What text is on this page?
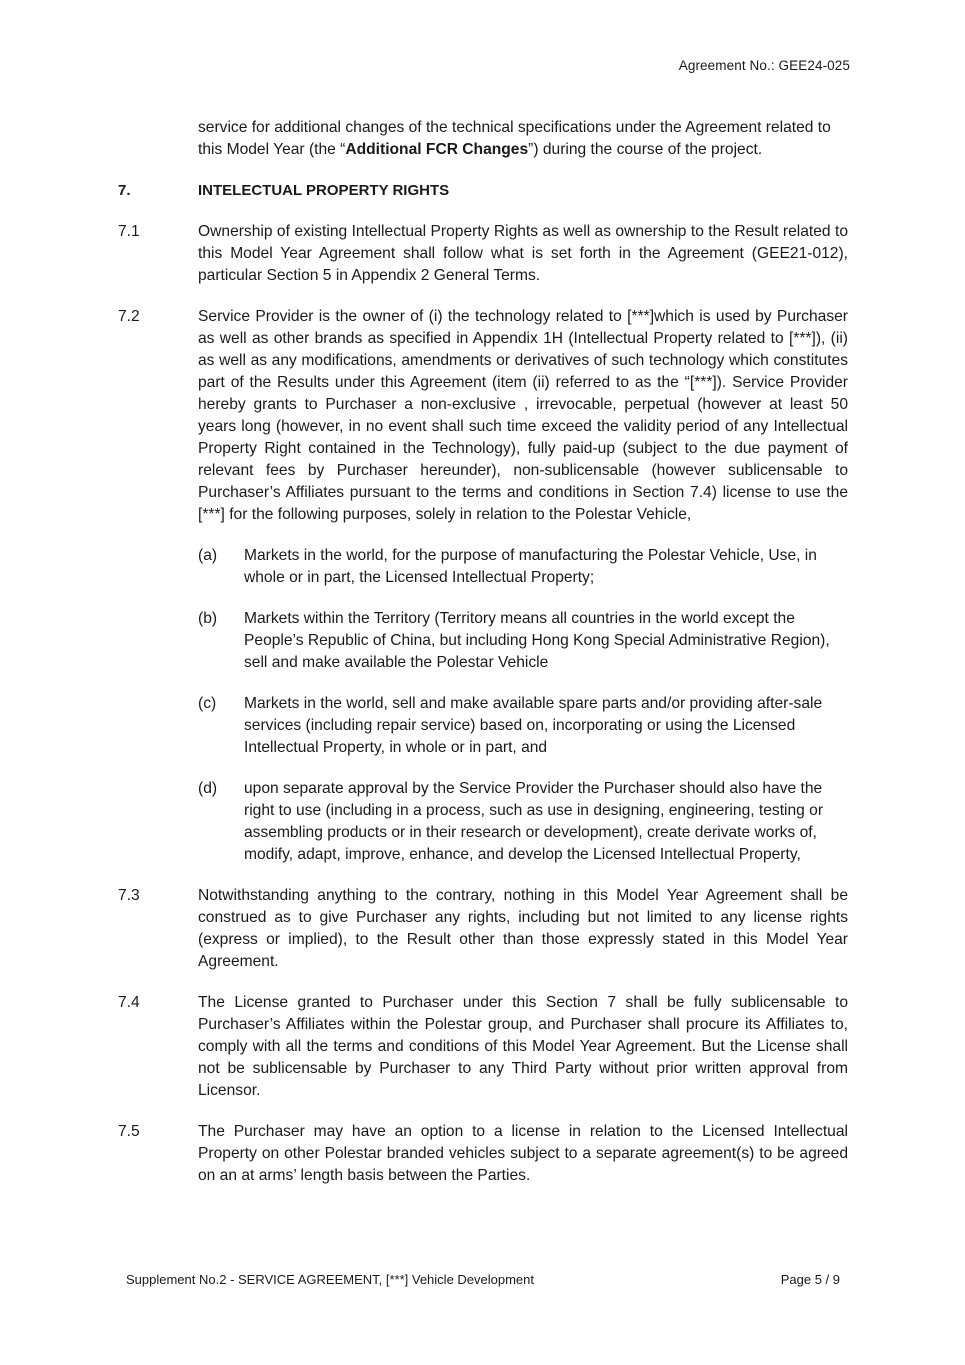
Agreement No.: GEE24-025
service for additional changes of the technical specifications under the Agreement related to this Model Year (the “Additional FCR Changes”) during the course of the project.
7.	INTELECTUAL PROPERTY RIGHTS
7.1	Ownership of existing Intellectual Property Rights as well as ownership to the Result related to this Model Year Agreement shall follow what is set forth in the Agreement (GEE21-012), particular Section 5 in Appendix 2 General Terms.
7.2	Service Provider is the owner of (i) the technology related to [***]which is used by Purchaser as well as other brands as specified in Appendix 1H (Intellectual Property related to [***]), (ii) as well as any modifications, amendments or derivatives of such technology which constitutes part of the Results under this Agreement (item (ii) referred to as the “[***]). Service Provider hereby grants to Purchaser a non-exclusive , irrevocable, perpetual (however at least 50 years long (however, in no event shall such time exceed the validity period of any Intellectual Property Right contained in the Technology), fully paid-up (subject to the due payment of relevant fees by Purchaser hereunder), non-sublicensable (however sublicensable to Purchaser’s Affiliates pursuant to the terms and conditions in Section 7.4) license to use the [***] for the following purposes, solely in relation to the Polestar Vehicle,

(a)	Markets in the world, for the purpose of manufacturing the Polestar Vehicle, Use, in whole or in part, the Licensed Intellectual Property;
(b)	Markets within the Territory (Territory means all countries in the world except the People’s Republic of China, but including Hong Kong Special Administrative Region), sell and make available the Polestar Vehicle
(c)	Markets in the world, sell and make available spare parts and/or providing after-sale services (including repair service) based on, incorporating or using the Licensed Intellectual Property, in whole or in part, and
(d)	upon separate approval by the Service Provider the Purchaser should also have the right to use (including in a process, such as use in designing, engineering, testing or assembling products or in their research or development), create derivate works of, modify, adapt, improve, enhance, and develop the Licensed Intellectual Property,
7.3	Notwithstanding anything to the contrary, nothing in this Model Year Agreement shall be construed as to give Purchaser any rights, including but not limited to any license rights (express or implied), to the Result other than those expressly stated in this Model Year Agreement.
7.4	The License granted to Purchaser under this Section 7 shall be fully sublicensable to Purchaser’s Affiliates within the Polestar group, and Purchaser shall procure its Affiliates to, comply with all the terms and conditions of this Model Year Agreement. But the License shall not be sublicensable by Purchaser to any Third Party without prior written approval from Licensor.
7.5	The Purchaser may have an option to a license in relation to the Licensed Intellectual Property on other Polestar branded vehicles subject to a separate agreement(s) to be agreed on an at arms’ length basis between the Parties.
Supplement No.2 - SERVICE AGREEMENT, [***] Vehicle Development	Page 5 / 9
